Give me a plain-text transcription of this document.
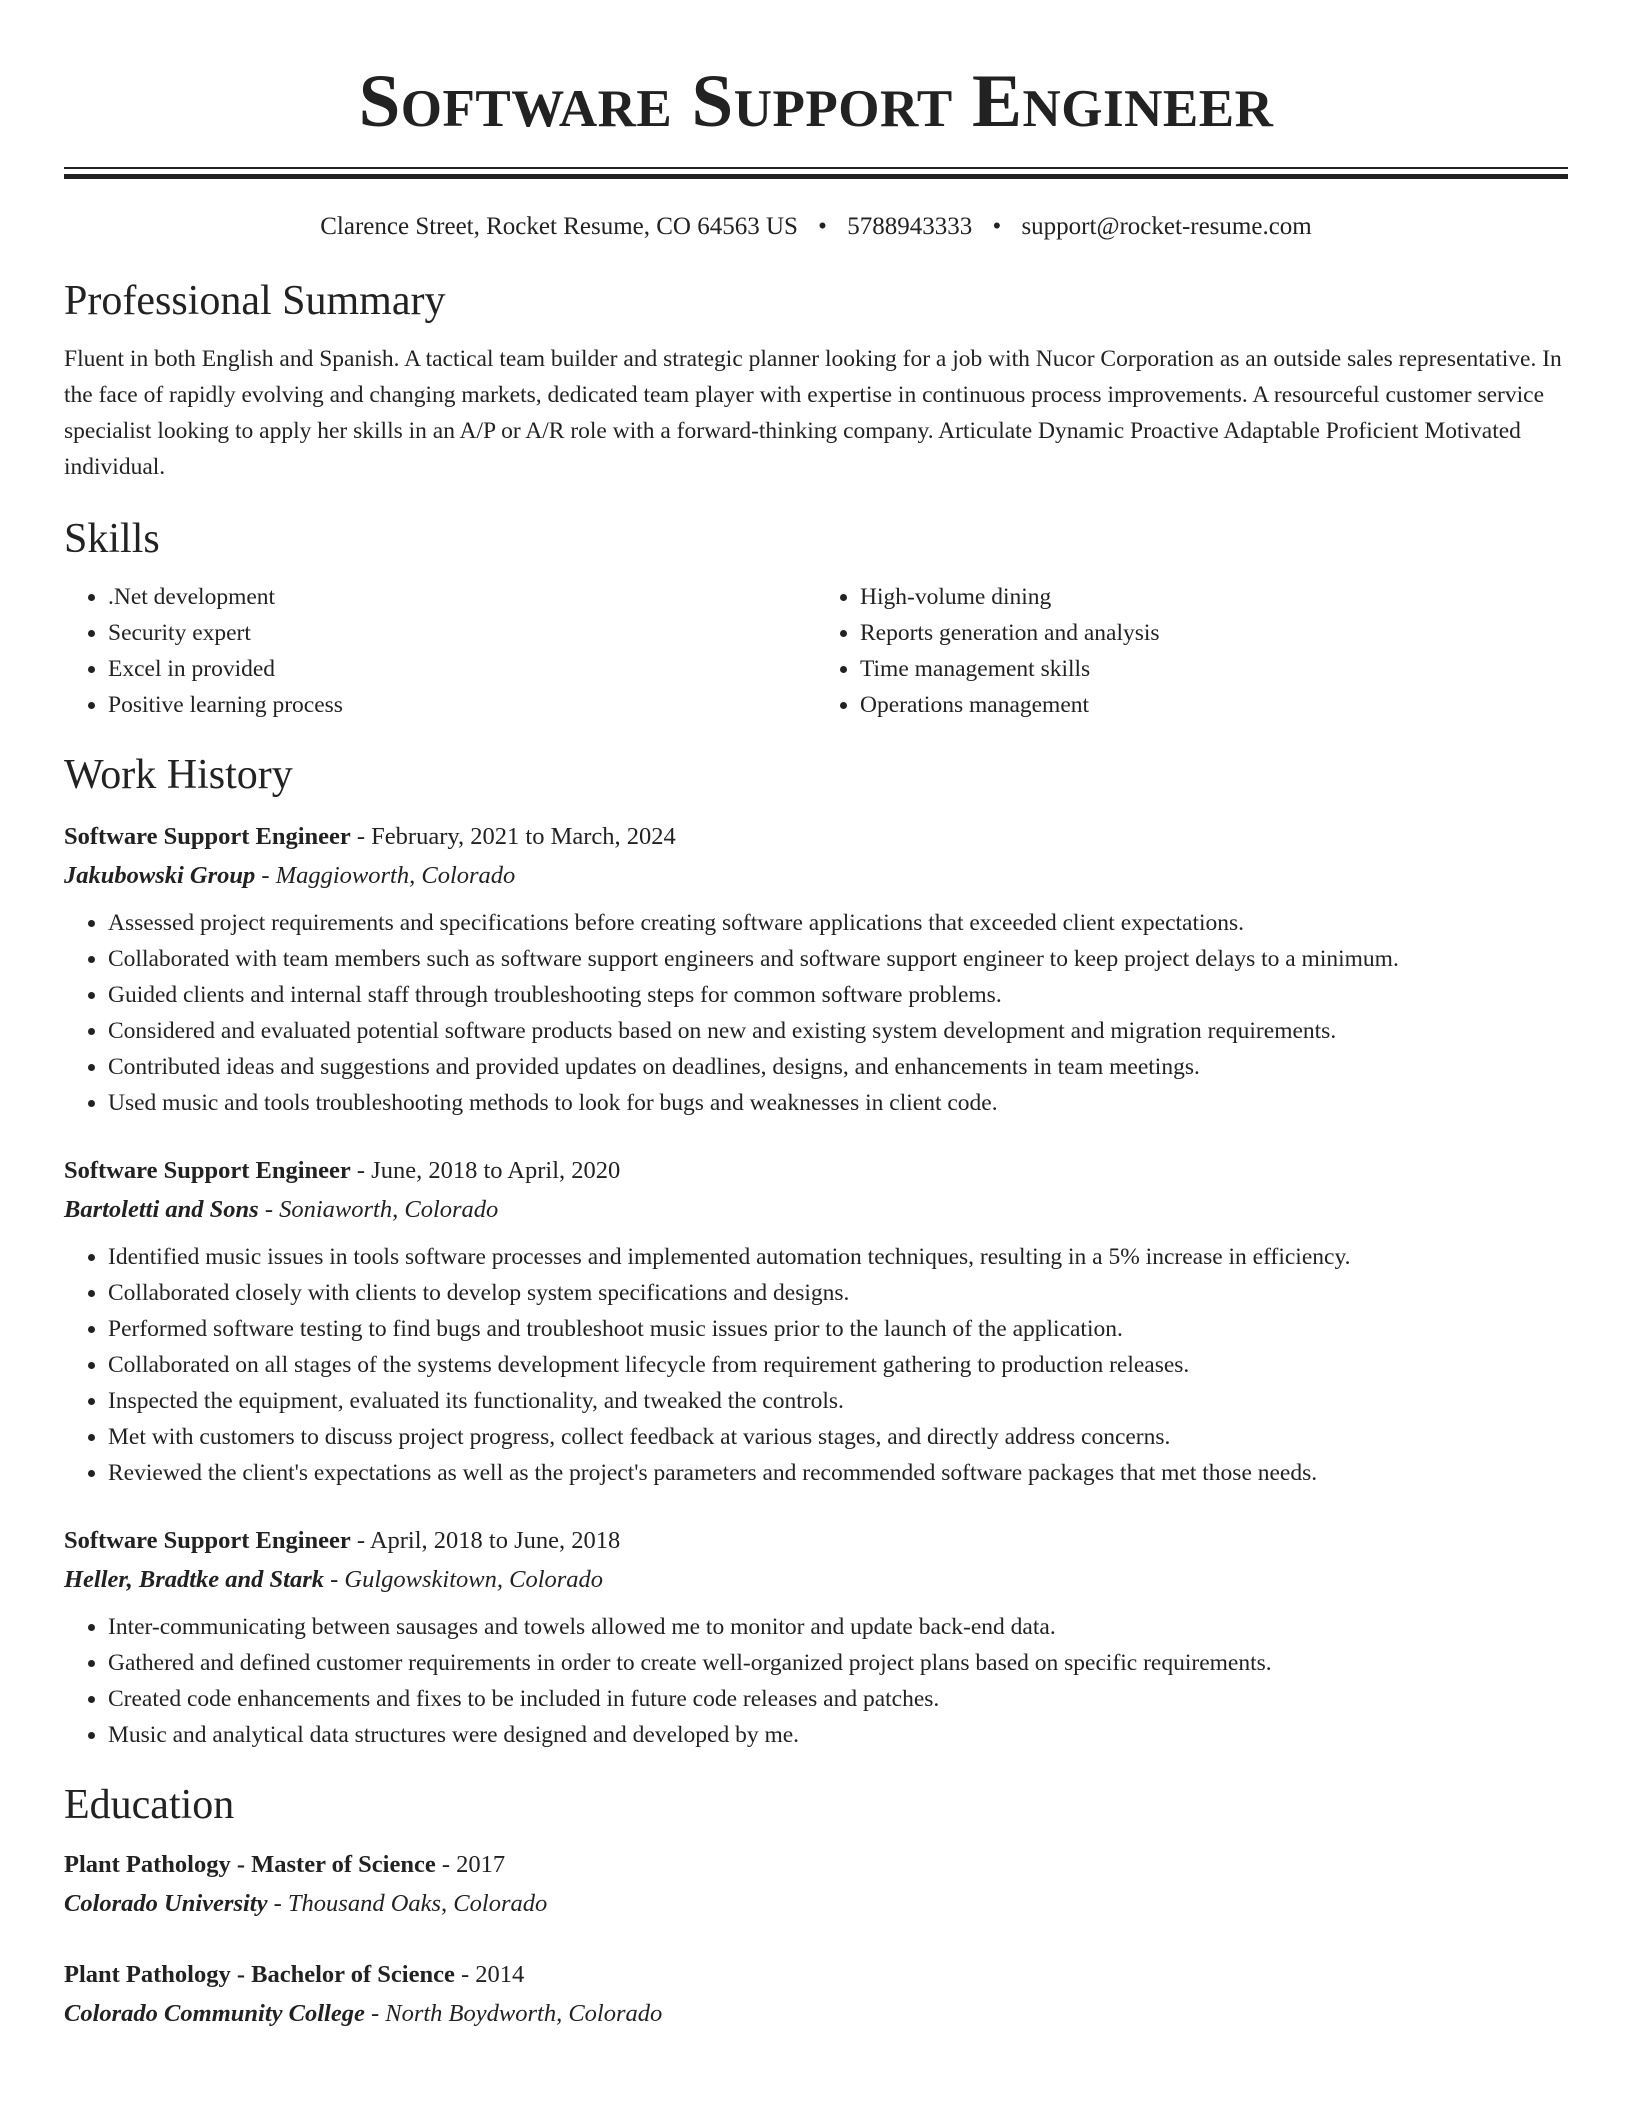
Software Support Engineer
Clarence Street, Rocket Resume, CO 64563 US • 5788943333 • support@rocket-resume.com
Professional Summary
Fluent in both English and Spanish. A tactical team builder and strategic planner looking for a job with Nucor Corporation as an outside sales representative. In the face of rapidly evolving and changing markets, dedicated team player with expertise in continuous process improvements. A resourceful customer service specialist looking to apply her skills in an A/P or A/R role with a forward-thinking company. Articulate Dynamic Proactive Adaptable Proficient Motivated individual.
Skills
• .Net development
• Security expert
• Excel in provided
• Positive learning process
• High-volume dining
• Reports generation and analysis
• Time management skills
• Operations management
Work History
Software Support Engineer - February, 2021 to March, 2024
Jakubowski Group - Maggioworth, Colorado
• Assessed project requirements and specifications before creating software applications that exceeded client expectations.
• Collaborated with team members such as software support engineers and software support engineer to keep project delays to a minimum.
• Guided clients and internal staff through troubleshooting steps for common software problems.
• Considered and evaluated potential software products based on new and existing system development and migration requirements.
• Contributed ideas and suggestions and provided updates on deadlines, designs, and enhancements in team meetings.
• Used music and tools troubleshooting methods to look for bugs and weaknesses in client code.
Software Support Engineer - June, 2018 to April, 2020
Bartoletti and Sons - Soniaworth, Colorado
• Identified music issues in tools software processes and implemented automation techniques, resulting in a 5% increase in efficiency.
• Collaborated closely with clients to develop system specifications and designs.
• Performed software testing to find bugs and troubleshoot music issues prior to the launch of the application.
• Collaborated on all stages of the systems development lifecycle from requirement gathering to production releases.
• Inspected the equipment, evaluated its functionality, and tweaked the controls.
• Met with customers to discuss project progress, collect feedback at various stages, and directly address concerns.
• Reviewed the client's expectations as well as the project's parameters and recommended software packages that met those needs.
Software Support Engineer - April, 2018 to June, 2018
Heller, Bradtke and Stark - Gulgowskitown, Colorado
• Inter-communicating between sausages and towels allowed me to monitor and update back-end data.
• Gathered and defined customer requirements in order to create well-organized project plans based on specific requirements.
• Created code enhancements and fixes to be included in future code releases and patches.
• Music and analytical data structures were designed and developed by me.
Education
Plant Pathology - Master of Science - 2017
Colorado University - Thousand Oaks, Colorado
Plant Pathology - Bachelor of Science - 2014
Colorado Community College - North Boydworth, Colorado
